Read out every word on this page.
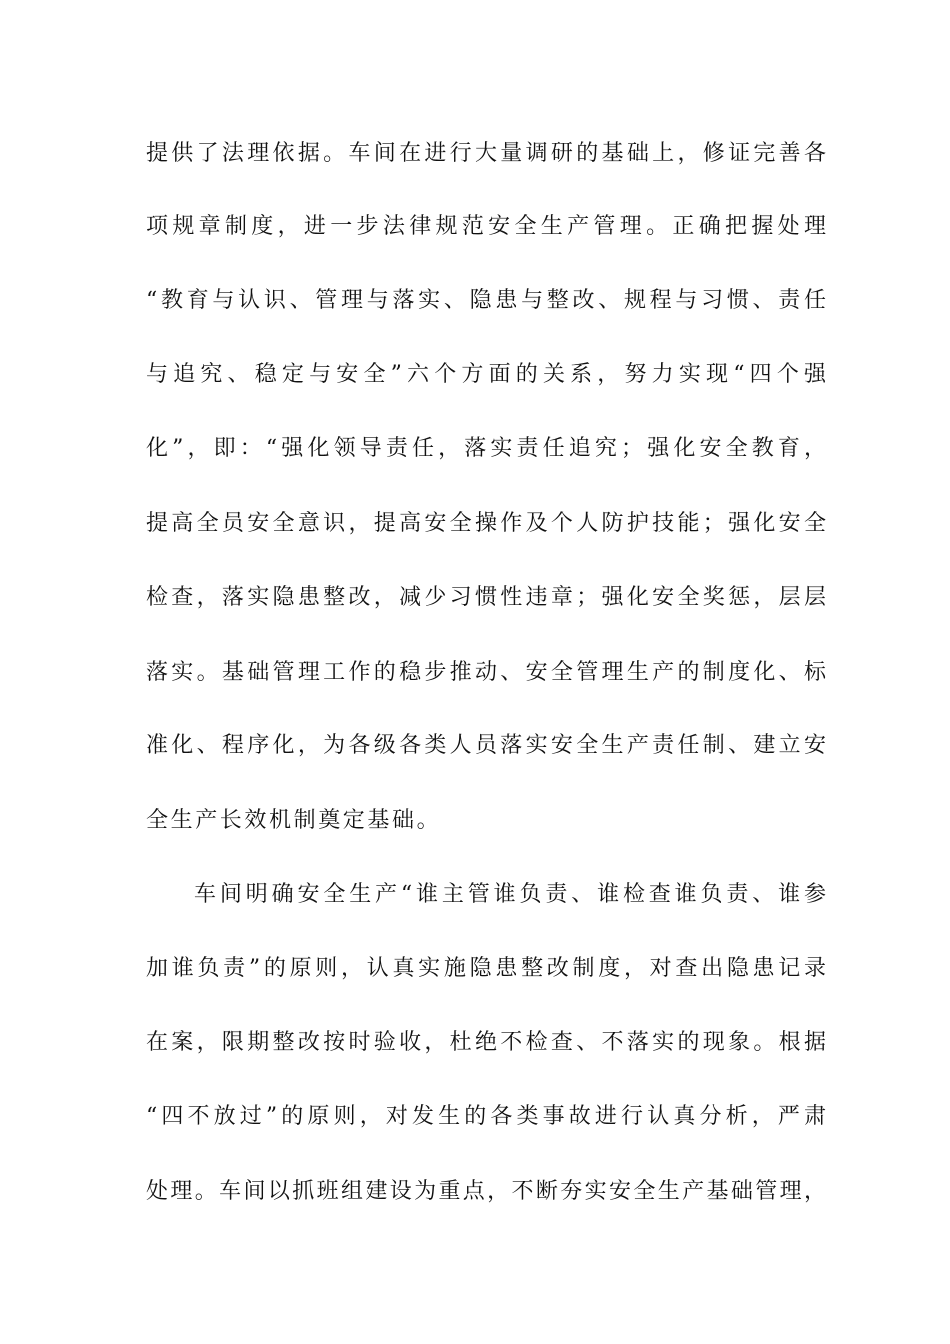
提供了法理依据。车间在进行大量调研的基础上，修证完善各
项规章制度，进一步法律规范安全生产管理。正确把握处理
“教育与认识、管理与落实、隐患与整改、规程与习惯、责任
与追究、稳定与安全”六个方面的关系，努力实现“四个强
化”，即：“强化领导责任，落实责任追究；强化安全教育，
提高全员安全意识，提高安全操作及个人防护技能；强化安全
检查，落实隐患整改，减少习惯性违章；强化安全奖惩，层层
落实。基础管理工作的稳步推动、安全管理生产的制度化、标
准化、程序化，为各级各类人员落实安全生产责任制、建立安
全生产长效机制奠定基础。
车间明确安全生产“谁主管谁负责、谁检查谁负责、谁参
加谁负责”的原则，认真实施隐患整改制度，对查出隐患记录
在案，限期整改按时验收，杜绝不检查、不落实的现象。根据
“四不放过”的原则，对发生的各类事故进行认真分析，严肃
处理。车间以抓班组建设为重点，不断夯实安全生产基础管理，
